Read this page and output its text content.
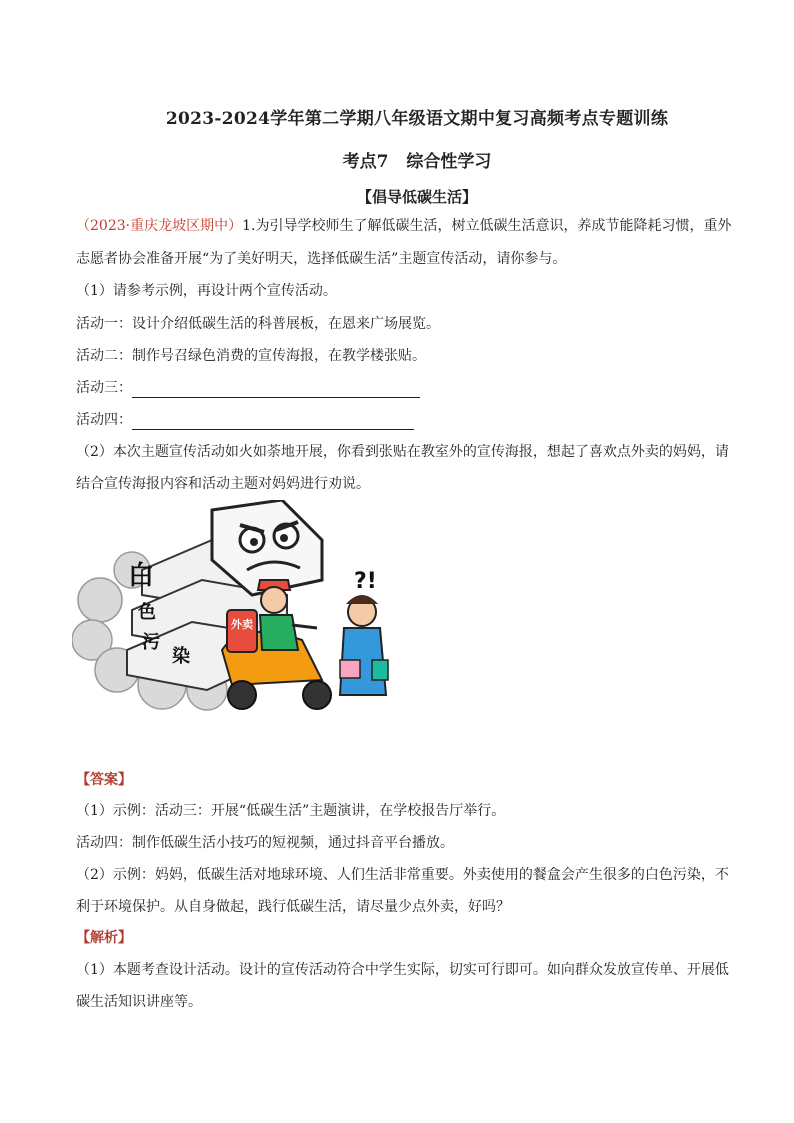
2023-2024学年第二学期八年级语文期中复习高频考点专题训练
考点7 综合性学习
【倡导低碳生活】
（2023·重庆龙坡区期中）1.为引导学校师生了解低碳生活，树立低碳生活意识，养成节能降耗习惯，重外
志愿者协会准备开展“为了美好明天，选择低碳生活”主题宣传活动，请你参与。
（1）请参考示例，再设计两个宣传活动。
活动一：设计介绍低碳生活的科普展板，在恩来广场展览。
活动二：制作号召绿色消费的宣传海报，在教学楼张贴。
活动三：
活动四：
（2）本次主题宣传活动如火如荼地开展，你看到张贴在教室外的宣传海报，想起了喜欢点外卖的妈妈，请
结合宣传海报内容和活动主题对妈妈进行劝说。
白
色
污
染
外卖
?!
【答案】
（1）示例：活动三：开展“低碳生活”主题演讲，在学校报告厅举行。
活动四：制作低碳生活小技巧的短视频，通过抖音平台播放。
（2）示例：妈妈，低碳生活对地球环境、人们生活非常重要。外卖使用的餐盒会产生很多的白色污染，不
利于环境保护。从自身做起，践行低碳生活，请尽量少点外卖，好吗？
【解析】
（1）本题考查设计活动。设计的宣传活动符合中学生实际，切实可行即可。如向群众发放宣传单、开展低
碳生活知识讲座等。
